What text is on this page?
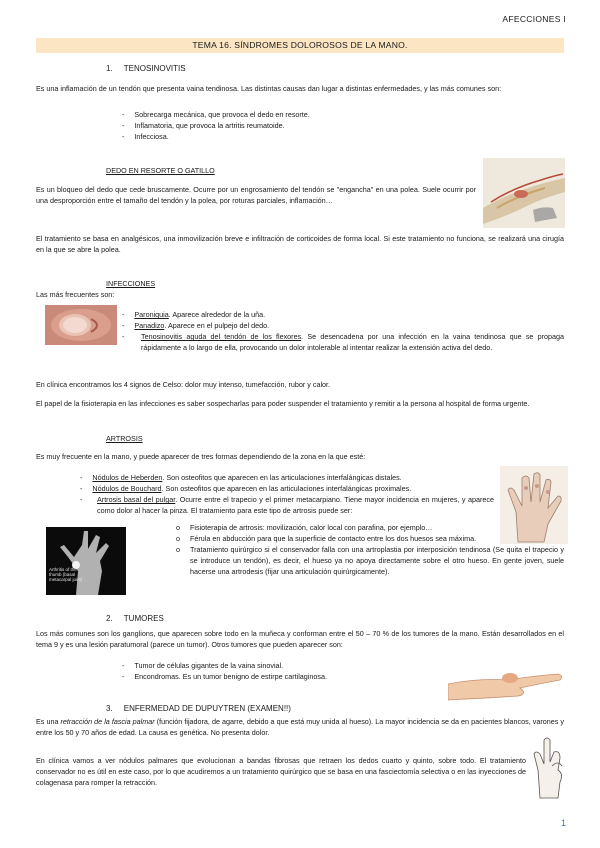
AFECCIONES I
TEMA 16. SÍNDROMES DOLOROSOS DE LA MANO.
1. TENOSINOVITIS
Es una inflamación de un tendón que presenta vaina tendinosa. Las distintas causas dan lugar a distintas enfermedades, y las más comunes son:
-     Sobrecarga mecánica, que provoca el dedo en resorte.
-     Inflamatoria, que provoca la artritis reumatoide.
-     Infecciosa.
DEDO EN RESORTE O GATILLO
Es un bloqueo del dedo que cede bruscamente. Ocurre por un engrosamiento del tendón se "engancha" en una polea. Suele ocurrir por una desproporción entre el tamaño del tendón y la polea, por roturas parciales, inflamación…
El tratamiento se basa en analgésicos, una inmovilización breve e infiltración de corticoides de forma local. Si este tratamiento no funciona, se realizará una cirugía en la que se abre la polea.
INFECCIONES
Las más frecuentes son:
-     Paroniquia. Aparece alrededor de la uña.
-     Panadizo. Aparece en el pulpejo del dedo.
-	Tenosinovitis aguda del tendón de los flexores. Se desencadena por una infección en la vaina tendinosa que se propaga rápidamente a lo largo de ella, provocando un dolor intolerable al intentar realizar la extensión activa del dedo.
En clínica encontramos los 4 signos de Celso: dolor muy intenso, tumefacción, rubor y calor.
El papel de la fisioterapia en las infecciones es saber sospecharlas para poder suspender el tratamiento y remitir a la persona al hospital de forma urgente.
ARTROSIS
Es muy frecuente en la mano, y puede aparecer de tres formas dependiendo de la zona en la que esté:
-     Nódulos de Heberden. Son osteofitos que aparecen en las articulaciones interfalángicas distales.
-     Nódulos de Bouchard. Son osteofitos que aparecen en las articulaciones interfalángicas proximales.
-	Artrosis basal del pulgar. Ocurre entre el trapecio y el primer metacarpiano. Tiene mayor incidencia en mujeres, y aparece como dolor al hacer la pinza. El tratamiento para este tipo de artrosis puede ser:
Arthritis of the thumb (basal metacarpal joint)
o	Fisioterapia de artrosis: movilización, calor local con parafina, por ejemplo…
o	Férula en abducción para que la superficie de contacto entre los dos huesos sea máxima.
o	Tratamiento quirúrgico si el conservador falla con una artroplastia por interposición tendinosa (Se quita el trapecio y se introduce un tendón), es decir, el hueso ya no apoya directamente sobre el otro hueso. En gente joven, suele hacerse una artrodesis (fijar una articulación quirúrgicamente).
2. TUMORES
Los más comunes son los ganglions, que aparecen sobre todo en la muñeca y conforman entre el 50 – 70 % de los tumores de la mano. Están desarrollados en el tema 9 y es una lesión paratumoral (parece un tumor). Otros tumores que pueden aparecer son:
-     Tumor de células gigantes de la vaina sinovial.
-     Encondromas. Es un tumor benigno de estirpe cartilaginosa.
3. ENFERMEDAD DE DUPUYTREN (EXAMEN!!)
Es una retracción de la fascia palmar (función fijadora, de agarre, debido a que está muy unida al hueso). La mayor incidencia se da en pacientes blancos, varones y entre los 50 y 70 años de edad. La causa es genética. No presenta dolor.
En clínica vamos a ver nódulos palmares que evolucionan a bandas fibrosas que retraen los dedos cuarto y quinto, sobre todo. El tratamiento conservador no es útil en este caso, por lo que acudiremos a un tratamiento quirúrgico que se basa en una fasciectomía selectiva o en las inyecciones de colagenasa para romper la retracción.
1
